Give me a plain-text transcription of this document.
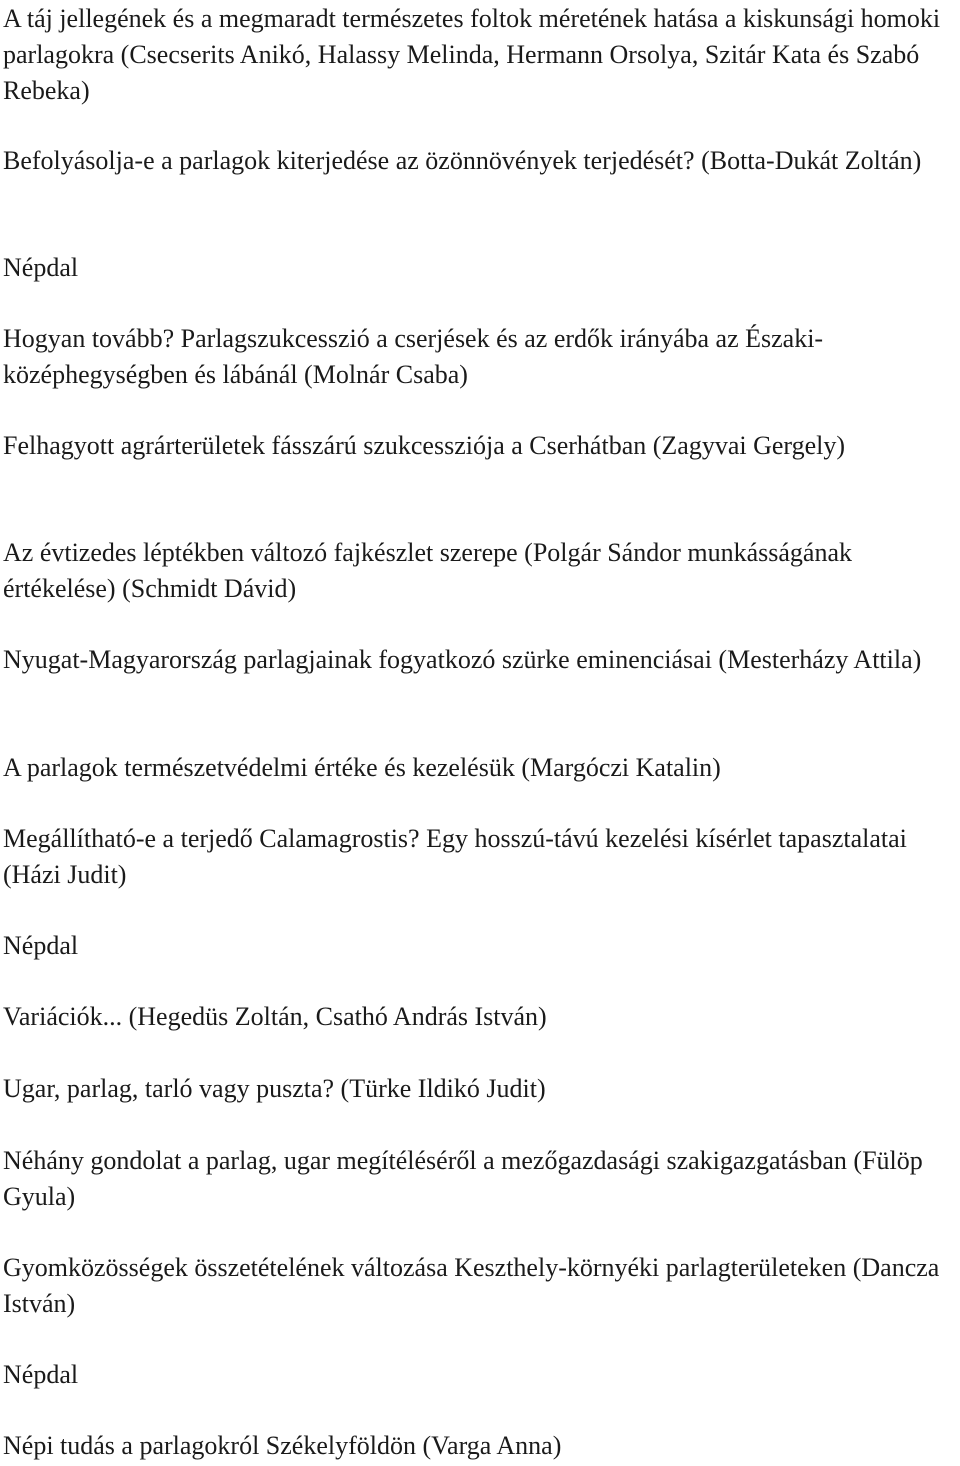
A táj jellegének és a megmaradt természetes foltok méretének hatása a kiskunsági homoki parlagokra (Csecserits Anikó, Halassy Melinda, Hermann Orsolya, Szitár Kata és Szabó Rebeka)

Befolyásolja-e a parlagok kiterjedése az özönnövények terjedését? (Botta-Dukát Zoltán)

Népdal

Hogyan tovább? Parlagszukcesszió a cserjések és az erdők irányába az Északi-középhegységben és lábánál (Molnár Csaba)

Felhagyott agrárterületek fásszárú szukcessziója a Cserhátban (Zagyvai Gergely)

Az évtizedes léptékben változó fajkészlet szerepe (Polgár Sándor munkásságának értékelése) (Schmidt Dávid)

Nyugat-Magyarország parlagjainak fogyatkozó szürke eminenciásai (Mesterházy Attila)

A parlagok természetvédelmi értéke és kezelésük (Margóczi Katalin)

Megállítható-e a terjedő Calamagrostis? Egy hosszú-távú kezelési kísérlet tapasztalatai (Házi Judit)

Népdal

Variációk... (Hegedüs Zoltán, Csathó András István)

Ugar, parlag, tarló vagy puszta? (Türke Ildikó Judit)

Néhány gondolat a parlag, ugar megítéléséről a mezőgazdasági szakigazgatásban (Fülöp Gyula)

Gyomközösségek összetételének változása Keszthely-környéki parlagterületeken (Dancza István)

Népdal

Népi tudás a parlagokról Székelyföldön (Varga Anna)
